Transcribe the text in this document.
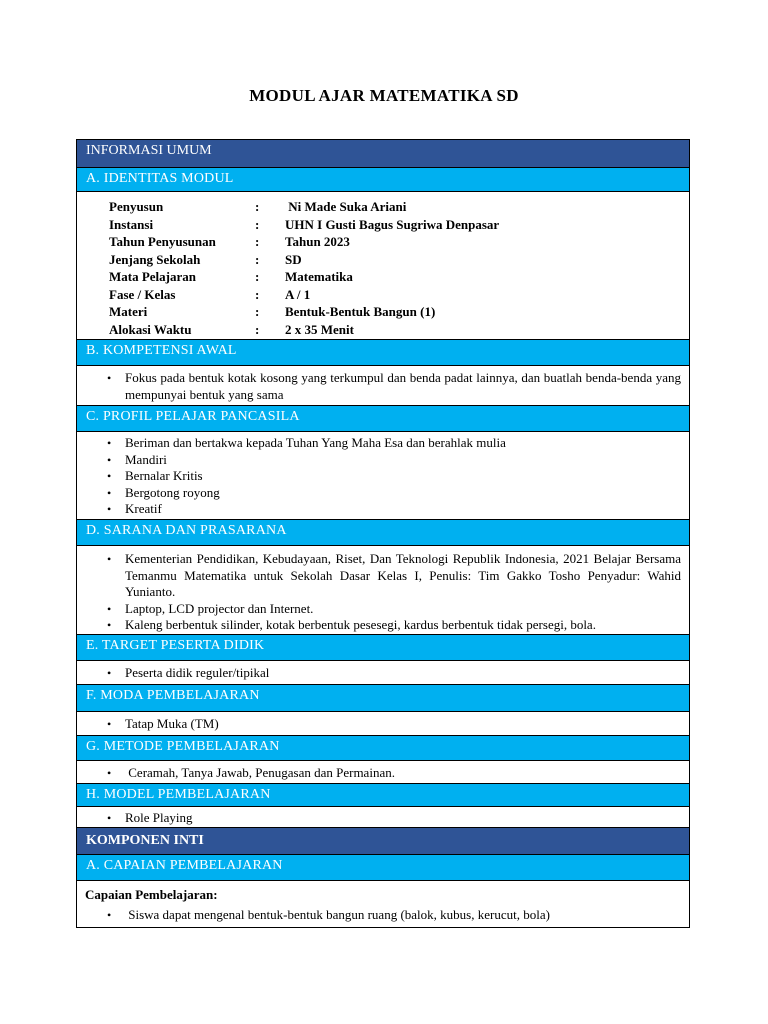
MODUL AJAR MATEMATIKA SD
INFORMASI UMUM
A. IDENTITAS MODUL
Penyusun	:	Ni Made Suka Ariani
Instansi	:	UHN I Gusti Bagus Sugriwa Denpasar
Tahun Penyusunan	:	Tahun 2023
Jenjang Sekolah	:	SD
Mata Pelajaran	:	Matematika
Fase / Kelas	:	A / 1
Materi	:	Bentuk-Bentuk Bangun (1)
Alokasi Waktu	:	2 x 35 Menit
B. KOMPETENSI AWAL
• Fokus pada bentuk kotak kosong yang terkumpul dan benda padat lainnya, dan buatlah benda-benda yang mempunyai bentuk yang sama
C. PROFIL PELAJAR PANCASILA
• Beriman dan bertakwa kepada Tuhan Yang Maha Esa dan berahlak mulia
• Mandiri
• Bernalar Kritis
• Bergotong royong
• Kreatif
D. SARANA DAN PRASARANA
• Kementerian Pendidikan, Kebudayaan, Riset, Dan Teknologi Republik Indonesia, 2021 Belajar Bersama Temanmu Matematika untuk Sekolah Dasar Kelas I, Penulis: Tim Gakko Tosho Penyadur: Wahid Yunianto.
• Laptop, LCD projector dan Internet.
• Kaleng berbentuk silinder, kotak berbentuk pesesegi, kardus berbentuk tidak persegi, bola.
E. TARGET PESERTA DIDIK
• Peserta didik reguler/tipikal
F. MODA PEMBELAJARAN
• Tatap Muka (TM)
G. METODE PEMBELAJARAN
• Ceramah, Tanya Jawab, Penugasan dan Permainan.
H. MODEL PEMBELAJARAN
• Role Playing
KOMPONEN INTI
A. CAPAIAN PEMBELAJARAN
Capaian Pembelajaran:
• Siswa dapat mengenal bentuk-bentuk bangun ruang (balok, kubus, kerucut, bola)
